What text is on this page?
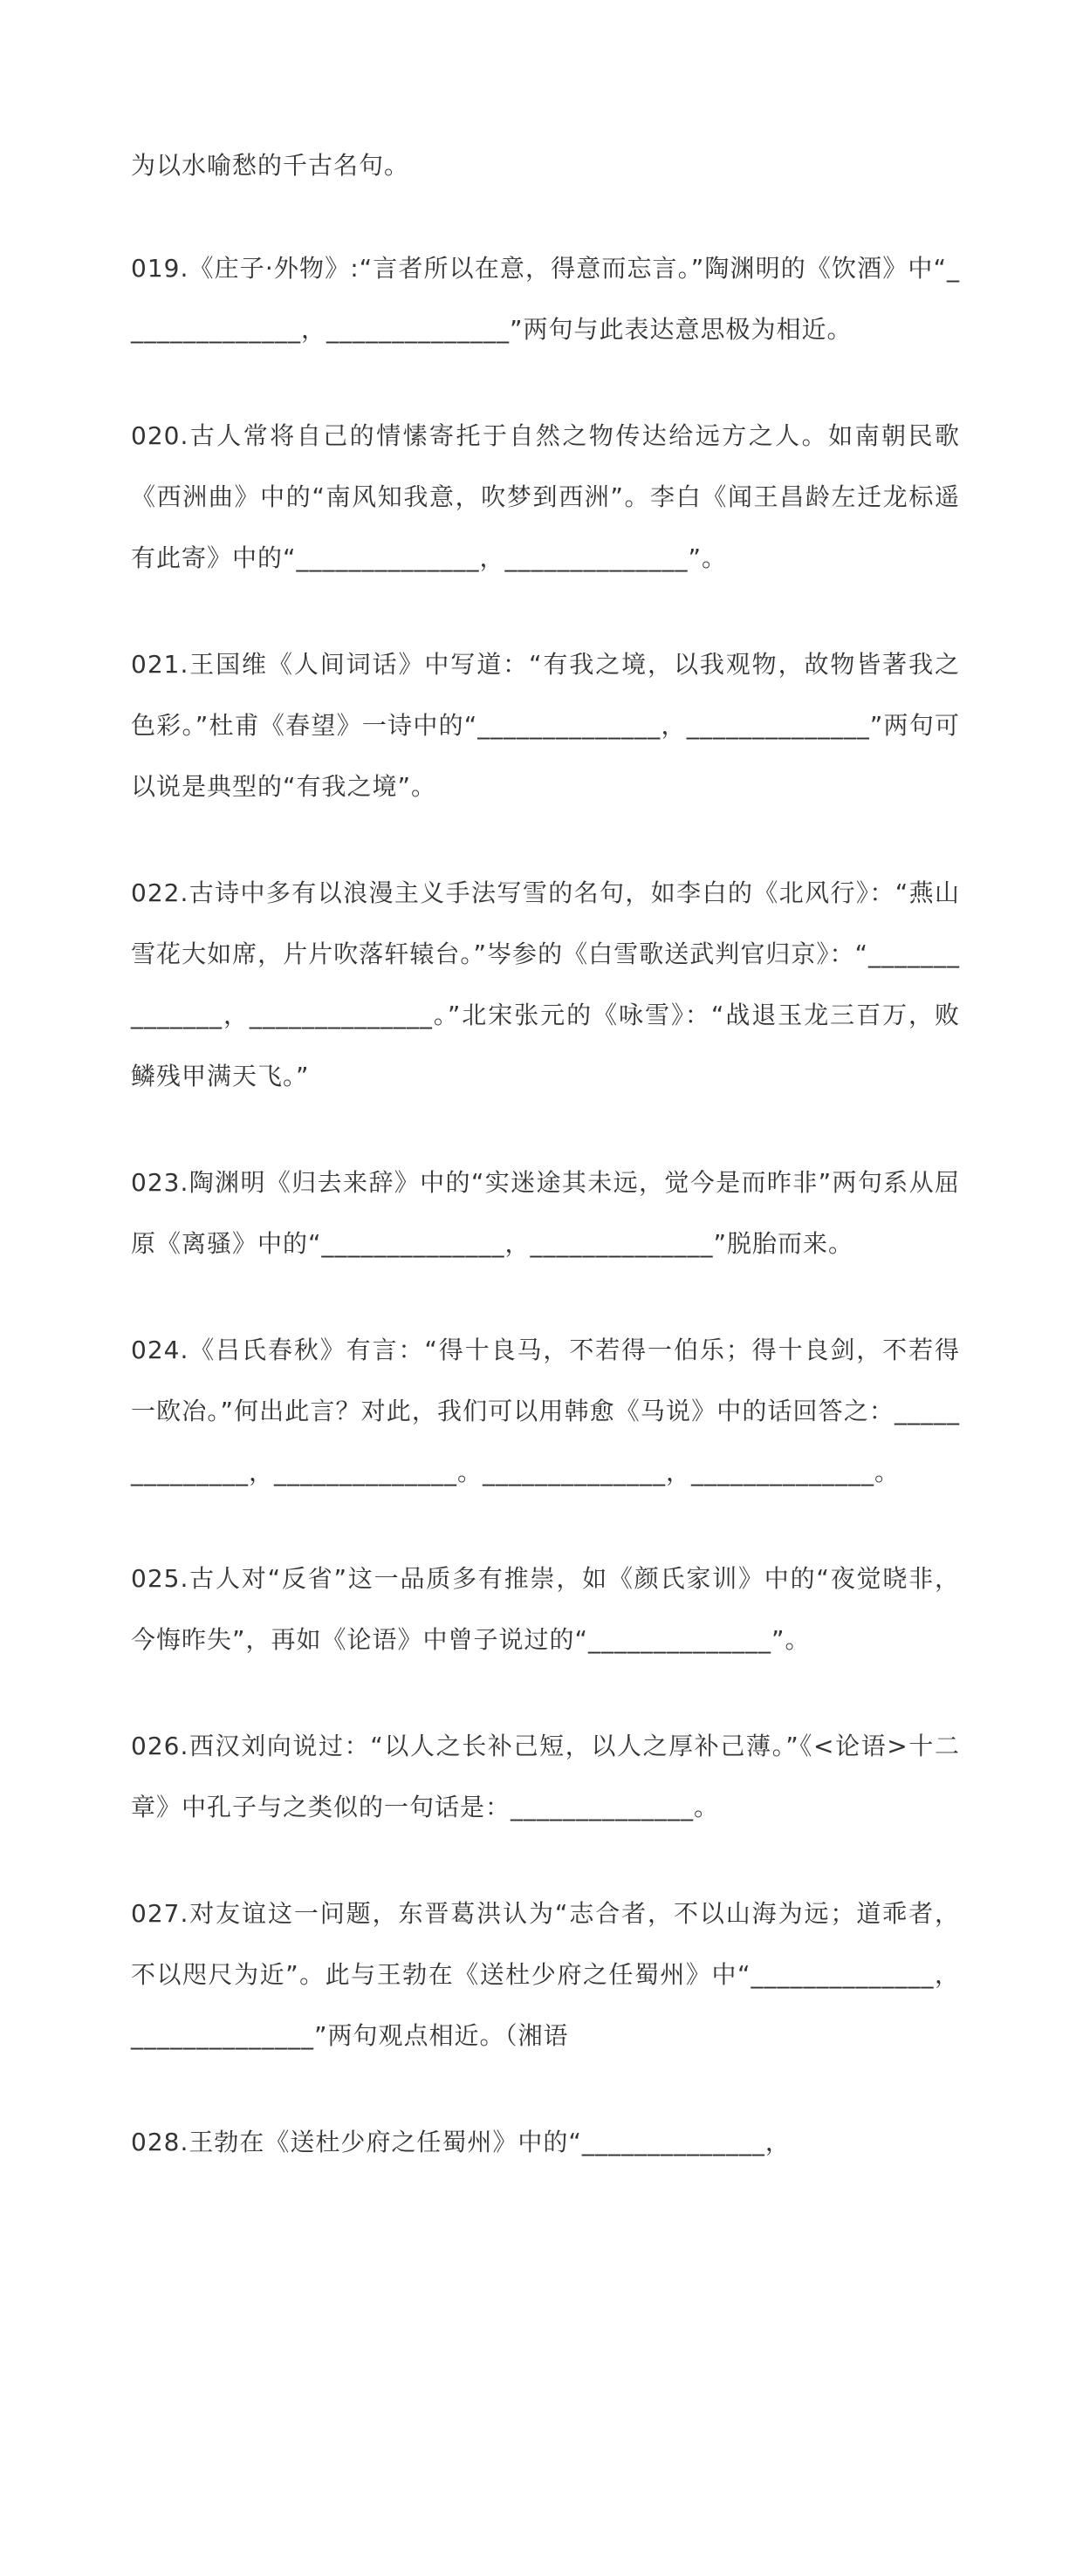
为以水喻愁的千古名句。

019.《庄子·外物》:“言者所以在意，得意而忘言。”陶渊明的《饮酒》中“______________，______________”两句与此表达意思极为相近。

020.古人常将自己的情愫寄托于自然之物传达给远方之人。如南朝民歌《西洲曲》中的“南风知我意，吹梦到西洲”。李白《闻王昌龄左迁龙标遥有此寄》中的“______________，______________”。

021.王国维《人间词话》中写道：“有我之境，以我观物，故物皆著我之色彩。”杜甫《春望》一诗中的“______________，______________”两句可以说是典型的“有我之境”。

022.古诗中多有以浪漫主义手法写雪的名句，如李白的《北风行》：“燕山雪花大如席，片片吹落轩辕台。”岑参的《白雪歌送武判官归京》：“______________，______________。”北宋张元的《咏雪》：“战退玉龙三百万，败鳞残甲满天飞。”

023.陶渊明《归去来辞》中的“实迷途其未远，觉今是而昨非”两句系从屈原《离骚》中的“______________，______________”脱胎而来。

024.《吕氏春秋》有言：“得十良马，不若得一伯乐；得十良剑，不若得一欧冶。”何出此言？对此，我们可以用韩愈《马说》中的话回答之：______________，______________。______________，______________。

025.古人对“反省”这一品质多有推崇，如《颜氏家训》中的“夜觉晓非，今悔昨失”，再如《论语》中曾子说过的“______________”。

026.西汉刘向说过：“以人之长补己短，以人之厚补己薄。”《<论语>十二章》中孔子与之类似的一句话是：______________。

027.对友谊这一问题，东晋葛洪认为“志合者，不以山海为远；道乖者，不以咫尺为近”。此与王勃在《送杜少府之任蜀州》中“______________，______________”两句观点相近。（湘语

028.王勃在《送杜少府之任蜀州》中的“______________，
